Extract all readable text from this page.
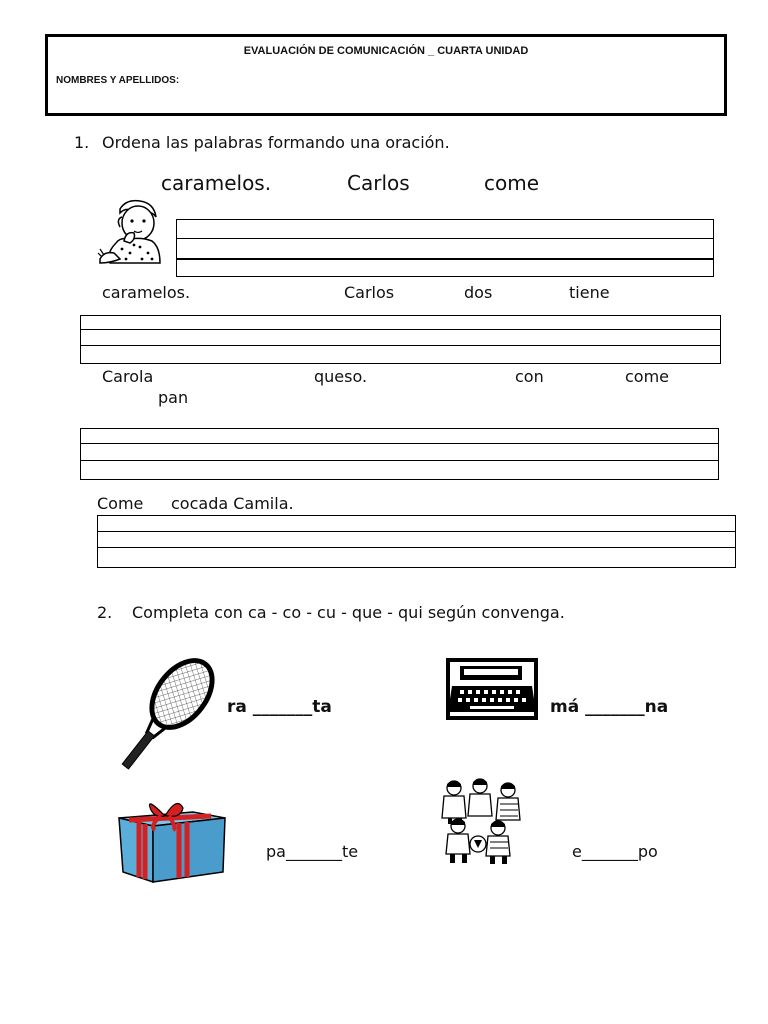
EVALUACIÓN DE COMUNICACIÓN _ CUARTA UNIDAD
NOMBRES Y APELLIDOS:
1. Ordena las palabras formando una oración.
caramelos.	Carlos	come
caramelos.	Carlos	dos	tiene
Carola	queso.	con	come
pan
Come cocada Camila.
2. Completa con ca - co - cu - que - qui según convenga.
ra _______ta	má _______na
pa_______te	e_______po
